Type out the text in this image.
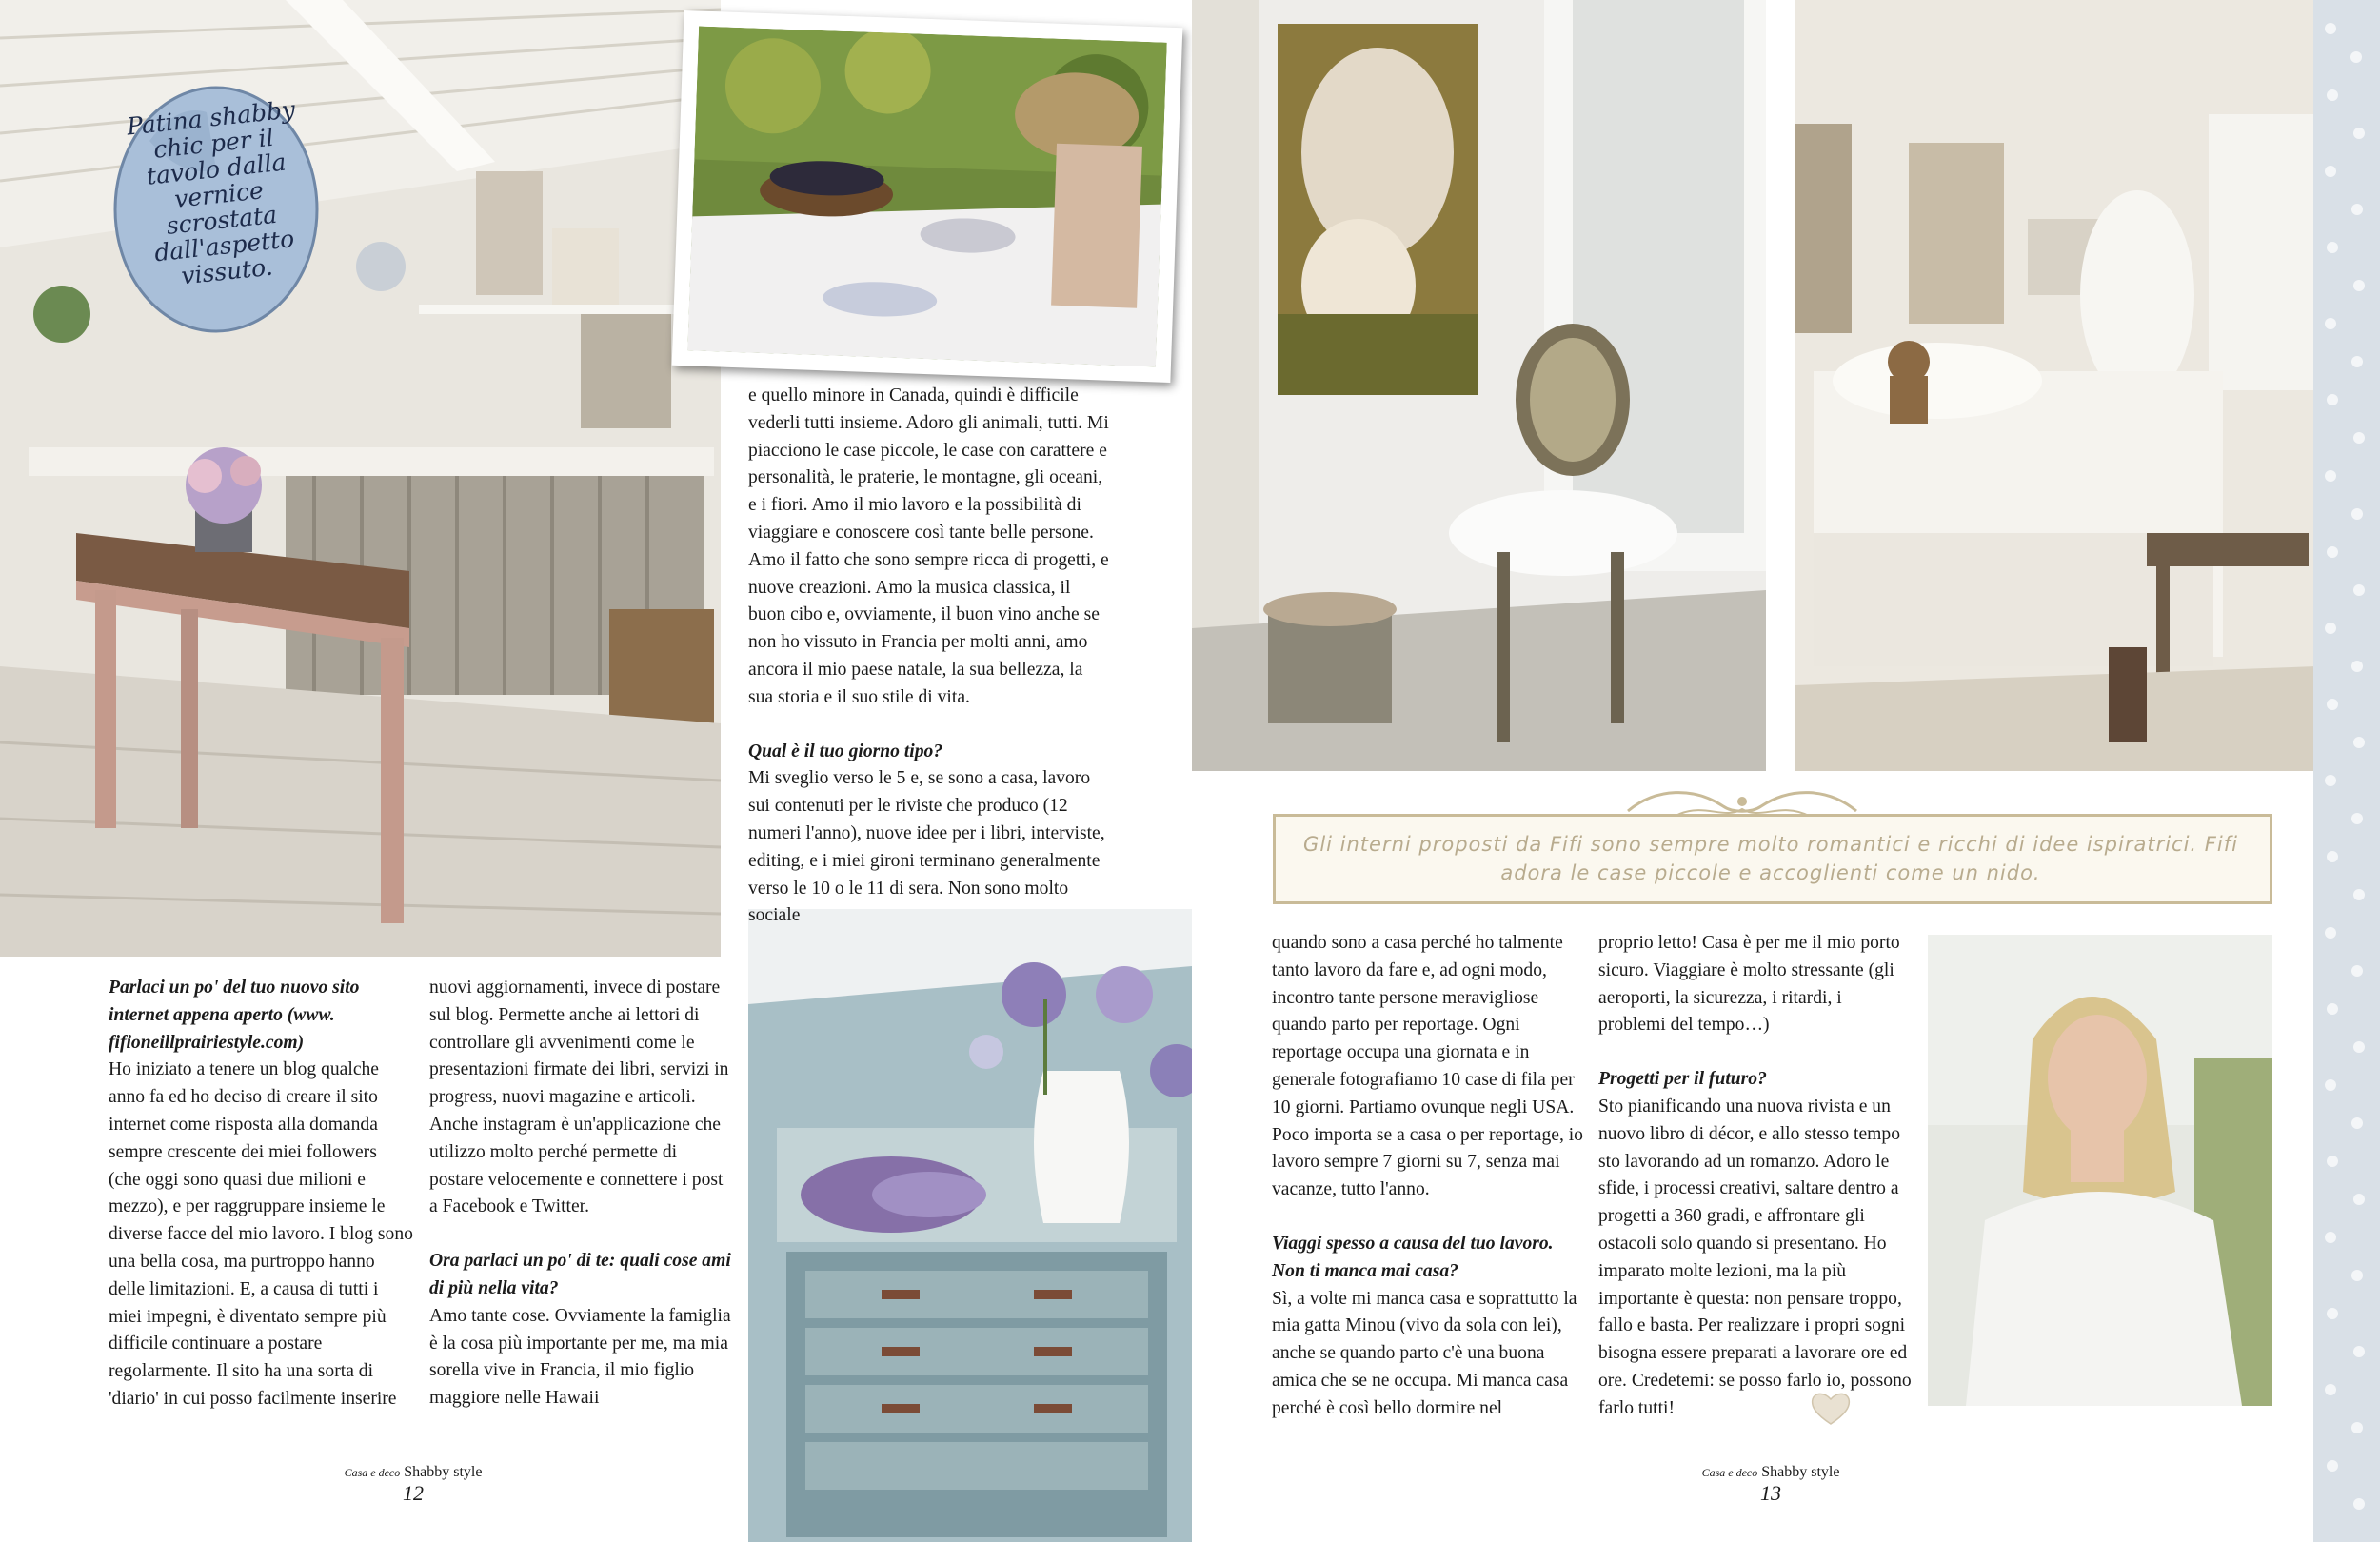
Patina shabby chic per il tavolo dalla vernice scrostata dall'aspetto vissuto.

Parlaci un po' del tuo nuovo sito internet appena aperto (www. fifioneillprairiestyle.com)

Ho iniziato a tenere un blog qualche anno fa ed ho deciso di creare il sito internet come risposta alla domanda sempre crescente dei miei followers (che oggi sono quasi due milioni e mezzo), e per raggruppare insieme le diverse facce del mio lavoro. I blog sono una bella cosa, ma purtroppo hanno delle limitazioni. E, a causa di tutti i miei impegni, è diventato sempre più difficile continuare a postare regolarmente. Il sito ha una sorta di 'diario' in cui posso facilmente inserire

nuovi aggiornamenti, invece di postare sul blog. Permette anche ai lettori di controllare gli avvenimenti come le presentazioni firmate dei libri, servizi in progress, nuovi magazine e articoli. Anche instagram è un'applicazione che utilizzo molto perché permette di postare velocemente e connettere i post a Facebook e Twitter.

Ora parlaci un po' di te: quali cose ami di più nella vita?

Amo tante cose. Ovviamente la famiglia è la cosa più importante per me, ma mia sorella vive in Francia, il mio figlio maggiore nelle Hawaii

e quello minore in Canada, quindi è difficile vederli tutti insieme. Adoro gli animali, tutti. Mi piacciono le case piccole, le case con carattere e personalità, le praterie, le montagne, gli oceani, e i fiori. Amo il mio lavoro e la possibilità di viaggiare e conoscere così tante belle persone. Amo il fatto che sono sempre ricca di progetti, e nuove creazioni. Amo la musica classica, il buon cibo e, ovviamente, il buon vino anche se non ho vissuto in Francia per molti anni, amo ancora il mio paese natale, la sua bellezza, la sua storia e il suo stile di vita.

Qual è il tuo giorno tipo?

Mi sveglio verso le 5 e, se sono a casa, lavoro sui contenuti per le riviste che produco (12 numeri l'anno), nuove idee per i libri, interviste, editing, e i miei gironi terminano generalmente verso le 10 o le 11 di sera. Non sono molto sociale

Casa e deco Shabby style
12
Gli interni proposti da Fifi sono sempre molto romantici e ricchi di idee ispiratrici. Fifi adora le case piccole e accoglienti come un nido.

quando sono a casa perché ho talmente tanto lavoro da fare e, ad ogni modo, incontro tante persone meravigliose quando parto per reportage. Ogni reportage occupa una giornata e in generale fotografiamo 10 case di fila per 10 giorni. Partiamo ovunque negli USA. Poco importa se a casa o per reportage, io lavoro sempre 7 giorni su 7, senza mai vacanze, tutto l'anno.

Viaggi spesso a causa del tuo lavoro. Non ti manca mai casa?

Sì, a volte mi manca casa e soprattutto la mia gatta Minou (vivo da sola con lei), anche se quando parto c'è una buona amica che se ne occupa. Mi manca casa perché è così bello dormire nel

proprio letto! Casa è per me il mio porto sicuro. Viaggiare è molto stressante (gli aeroporti, la sicurezza, i ritardi, i problemi del tempo…)

Progetti per il futuro?

Sto pianificando una nuova rivista e un nuovo libro di décor, e allo stesso tempo sto lavorando ad un romanzo. Adoro le sfide, i processi creativi, saltare dentro a progetti a 360 gradi, e affrontare gli ostacoli solo quando si presentano. Ho imparato molte lezioni, ma la più importante è questa: non pensare troppo, fallo e basta. Per realizzare i propri sogni bisogna essere preparati a lavorare ore ed ore. Credetemi: se posso farlo io, possono farlo tutti!

Casa e deco Shabby style
13
